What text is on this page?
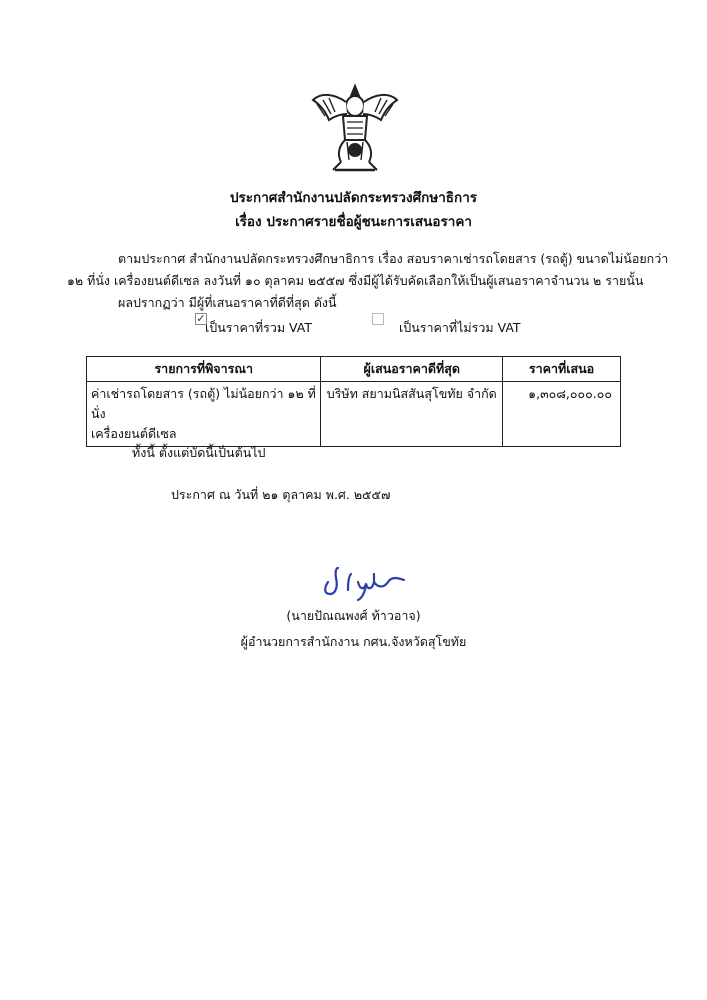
ประกาศสำนักงานปลัดกระทรวงศึกษาธิการ
เรื่อง ประกาศรายชื่อผู้ชนะการเสนอราคา
ตามประกาศ สำนักงานปลัดกระทรวงศึกษาธิการ เรื่อง สอบราคาเช่ารถโดยสาร (รถตู้) ขนาดไม่น้อยกว่า
๑๒ ที่นั่ง เครื่องยนต์ดีเซล ลงวันที่ ๑๐ ตุลาคม ๒๕๕๗ ซึ่งมีผู้ได้รับคัดเลือกให้เป็นผู้เสนอราคาจำนวน ๒ รายนั้น
ผลปรากฏว่า มีผู้ที่เสนอราคาที่ดีที่สุด ดังนี้
✓
เป็นราคาที่รวม VAT	เป็นราคาที่ไม่รวม VAT
รายการที่พิจารณา	ผู้เสนอราคาดีที่สุด	ราคาที่เสนอ

ค่าเช่ารถโดยสาร (รถตู้) ไม่น้อยกว่า ๑๒ ที่นั่ง
เครื่องยนต์ดีเซล	บริษัท สยามนิสสันสุโขทัย จำกัด	๑,๓๐๘,๐๐๐.๐๐
ทั้งนี้ ตั้งแต่บัดนี้เป็นต้นไป
ประกาศ ณ วันที่ ๒๑ ตุลาคม พ.ศ. ๒๕๕๗
(นายปัณณพงศ์ ท้าวอาจ)
ผู้อำนวยการสำนักงาน กศน.จังหวัดสุโขทัย
